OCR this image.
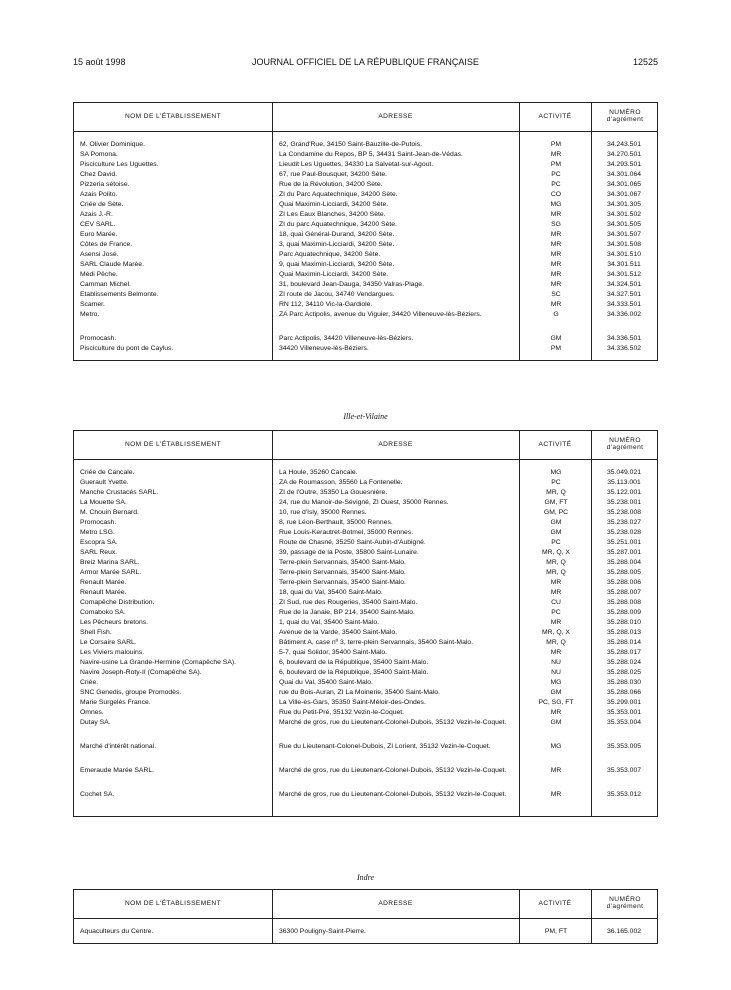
15 août 1998	JOURNAL OFFICIEL DE LA RÉPUBLIQUE FRANÇAISE	12525
NOM DE L'ÉTABLISSEMENT	ADRESSE	ACTIVITÉ	NUMÉRO d'agrément
M. Olivier Dominique.	62, Grand'Rue, 34150 Saint-Bauzille-de-Putois.	PM	34.243.501
SA Pomona.	La Condamine du Repos, BP 5, 34431 Saint-Jean-de-Védas.	MR	34.270.501
Pisciculture Les Uguettes.	Lieudit Les Uguettes, 34330 La Salvetat-sur-Agout.	PM	34.293.501
Chez David.	67, rue Paul-Bousquet, 34200 Sète.	PC	34.301.064
Pizzeria sétoise.	Rue de la Révolution, 34200 Sète.	PC	34.301.065
Azais Polito.	ZI du Parc Aquatechnique, 34200 Sète.	CO	34.301.067
Criée de Sète.	Quai Maximin-Licciardi, 34200 Sète.	MG	34.301.305
Azais J.-R.	ZI Les Eaux Blanches, 34200 Sète.	MR	34.301.502
CEV SARL.	ZI du parc Aquatechnique, 34200 Sète.	SG	34.301.505
Euro Marée.	18, quai Général-Durand, 34200 Sète.	MR	34.301.507
Côtes de France.	3, quai Maximin-Licciardi, 34200 Sète.	MR	34.301.508
Asensi José.	Parc Aquatechnique, 34200 Sète.	MR	34.301.510
SARL Claude Marée.	9, quai Maximin-Licciardi, 34200 Sète.	MR	34.301.511
Médi Pêche.	Quai Maximin-Licciardi, 34200 Sète.	MR	34.301.512
Camman Michel.	31, boulevard Jean-Dauga, 34350 Valras-Plage.	MR	34.324.501
Etablissements Belmonte.	ZI route de Jacou, 34740 Vendargues.	SC	34.327.501
Scamer.	RN 112, 34110 Vic-la-Gardiole.	MR	34.333.501
Metro.	ZA Parc Actipolis, avenue du Viguier, 34420 Villeneuve-lès-Béziers.	G	34.336.002
Promocash.	Parc Actipolis, 34420 Villeneuve-lès-Béziers.	GM	34.336.501
Pisciculture du pont de Caylus.	34420 Villeneuve-lès-Béziers.	PM	34.336.502
Ille-et-Vilaine
NOM DE L'ÉTABLISSEMENT	ADRESSE	ACTIVITÉ	NUMÉRO d'agrément
Criée de Cancale.	La Houle, 35260 Cancale.	MG	35.049.021
Guerault Yvette.	ZA de Roumasson, 35560 La Fontenelle.	PC	35.113.001
Manche Crustacés SARL.	ZI de l'Outre, 35350 La Gouesnière.	MR, Q	35.122.001
La Mouette SA.	24, rue du Manoir-de-Sévigné, ZI Ouest, 35000 Rennes.	GM, FT	35.238.001
M. Chouin Bernard.	10, rue d'Isly, 35000 Rennes.	GM, PC	35.238.008
Promocash.	8, rue Léon-Berthault, 35000 Rennes.	GM	35.238.027
Metro LSG.	Rue Louis-Kerautret-Botmel, 35000 Rennes.	GM	35.238.028
Escopra SA.	Route de Chasné, 35250 Saint-Aubin-d'Aubigné.	PC	35.251.001
SARL Reux.	39, passage de la Poste, 35800 Saint-Lunaire.	MR, Q, X	35.287.001
Breiz Marina SARL.	Terre-plein Servannais, 35400 Saint-Malo.	MR, Q	35.288.004
Armor Marée SARL.	Terre-plein Servannais, 35400 Saint-Malo.	MR, Q	35.288.005
Renault Marée.	Terre-plein Servannais, 35400 Saint-Malo.	MR	35.288.006
Renault Marée.	18, quai du Val, 35400 Saint-Malo.	MR	35.288.007
Comapêche Distribution.	ZI Sud, rue des Rougeries, 35400 Saint-Malo.	CU	35.288.008
Comaboko SA.	Rue de la Janaie, BP 214, 35400 Saint-Malo.	PC	35.288.009
Les Pêcheurs bretons.	1, quai du Val, 35400 Saint-Malo.	MR	35.288.010
Shell Fish.	Avenue de la Varde, 35400 Saint-Malo.	MR, Q, X	35.288.013
Le Corsaire SARL.	Bâtiment A, case nº 3, terre-plein Servannais, 35400 Saint-Malo.	MR, Q	35.288.014
Les Viviers malouins.	5-7, quai Solidor, 35400 Saint-Malo.	MR	35.288.017
Navire-usine La Grande-Hermine (Comapêche SA).	6, boulevard de la République, 35400 Saint-Malo.	NU	35.288.024
Navire Joseph-Roty-II (Comapêche SA).	6, boulevard de la République, 35400 Saint-Malo.	NU	35.288.025
Criée.	Quai du Val, 35400 Saint-Malo.	MG	35.288.030
SNC Genedis, groupe Promodès.	rue du Bois-Auran, ZI La Moinerie, 35400 Saint-Malo.	GM	35.288.066
Marie Surgelés France.	La Ville-ès-Gars, 35350 Saint-Méloir-des-Ondes.	PC, SG, FT	35.299.001
Omnes.	Rue du Petit-Pré, 35132 Vezin-le-Coquet.	MR	35.353.001
Dutay SA.	Marché de gros, rue du Lieutenant-Colonel-Dubois, 35132 Vezin-le-Coquet.	GM	35.353.004
Marché d'intérêt national.	Rue du Lieutenant-Colonel-Dubois, ZI Lorient, 35132 Vezin-le-Coquet.	MG	35.353.005
Emeraude Marée SARL.	Marché de gros, rue du Lieutenant-Colonel-Dubois, 35132 Vezin-le-Coquet.	MR	35.353.007
Cochet SA.	Marché de gros, rue du Lieutenant-Colonel-Dubois, 35132 Vezin-le-Coquet.	MR	35.353.012
Indre
NOM DE L'ÉTABLISSEMENT	ADRESSE	ACTIVITÉ	NUMÉRO d'agrément
Aquaculteurs du Centre.	36300 Pouligny-Saint-Pierre.	PM, FT	36.165.002
